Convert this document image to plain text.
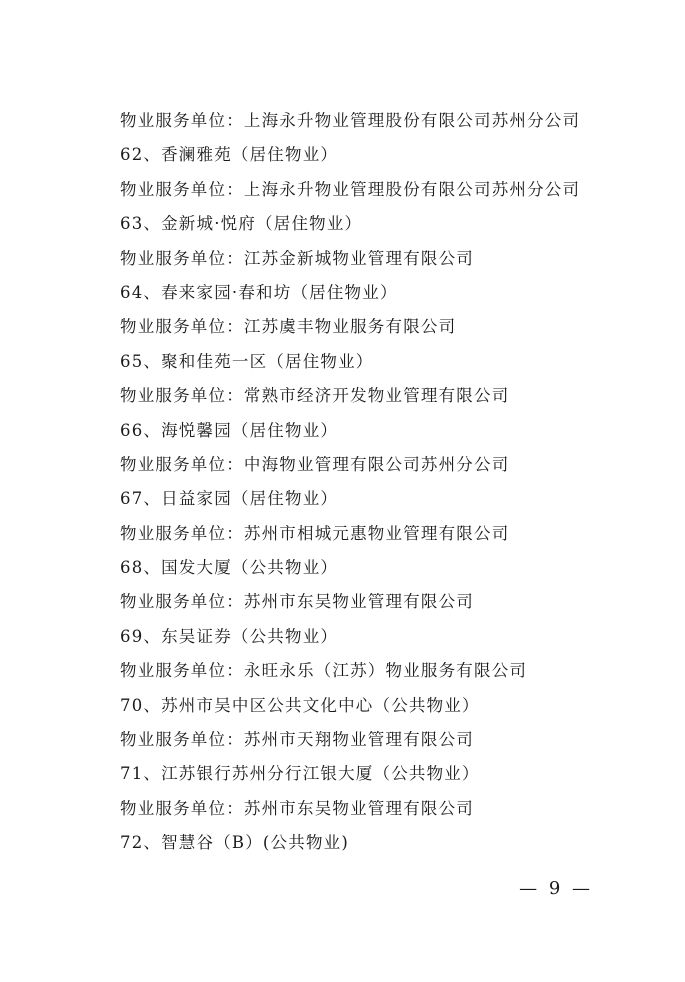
物业服务单位：上海永升物业管理股份有限公司苏州分公司
62、香澜雅苑（居住物业）
物业服务单位：上海永升物业管理股份有限公司苏州分公司
63、金新城·悦府（居住物业）
物业服务单位：江苏金新城物业管理有限公司
64、春来家园·春和坊（居住物业）
物业服务单位：江苏虞丰物业服务有限公司
65、聚和佳苑一区（居住物业）
物业服务单位：常熟市经济开发物业管理有限公司
66、海悦馨园（居住物业）
物业服务单位：中海物业管理有限公司苏州分公司
67、日益家园（居住物业）
物业服务单位：苏州市相城元惠物业管理有限公司
68、国发大厦（公共物业）
物业服务单位：苏州市东吴物业管理有限公司
69、东吴证券（公共物业）
物业服务单位：永旺永乐（江苏）物业服务有限公司
70、苏州市吴中区公共文化中心（公共物业）
物业服务单位：苏州市天翔物业管理有限公司
71、江苏银行苏州分行江银大厦（公共物业）
物业服务单位：苏州市东吴物业管理有限公司
72、智慧谷（B）(公共物业)
— 9 —
